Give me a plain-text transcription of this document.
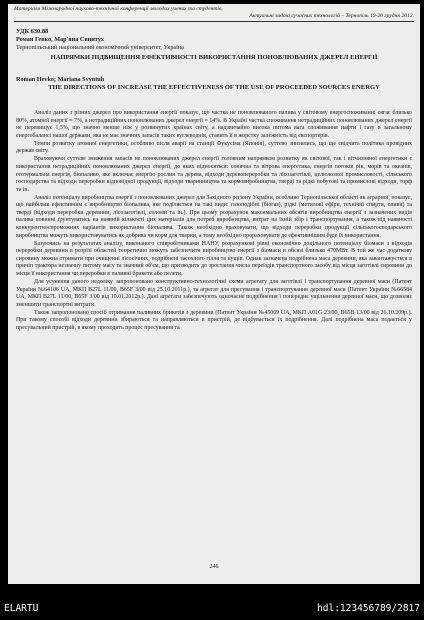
Матеріали Міжнародної науково-технічної конференції молодих учених та студентів.
Актуальні задачі сучасних технологій – Тернопіль 19-20 грудня 2012.
УДК 630.88
Роман Гевко, Мар'яна Свинтух
Тернопільський національний економічний університет, Україна
НАПРЯМКИ ПІДВИЩЕННЯ ЕФЕКТИВНОСТІ ВИКОРИСТАННЯ ПОНОВЛЮВАНИХ ДЖЕРЕЛ ЕНЕРГІЇ
Roman Hevko; Mariana Svyntuh
THE DIRECTIONS OF INCREASE THE EFFECTIVENESS OF THE USE OF PROCEEDED SOURCES ENERGY

Аналіз даних з різних джерел про використання енергії показує, що частка не поновлюваного палива у світовому енергоспоживанні сягає близько 80%, атомної енергії ≈ 7%, а нетрадиційних поновлюваних джерел енергії ≈ 14%. В Україні частка споживання нетрадиційних поновлюваних джерел енергії не перевищує 1,5%, що значно менше ніж у розвинутих країнах світу, а надзвичайно висока питома вага споживання нафти і газу в загальному енергобалансі нашої держави, яка не має значних запасів таких вуглеводнів, ставить її в жорстку залежність від експортерів.

Темпи розвитку атомної енергетики, особливо після аварії на станції Фукусіма (Японія), суттєво знизились, що ще свідчить політика провідних держав світу.

Враховуючи суттєве зниження запасів не поновлюваних джерел енергії головним напрямком розвитку як світової, так і вітчизняної енергетики є використання нетрадиційних поновлюваних джерел енергії, до яких відносяться: сонячна та вітрова енергетика, енергія потоків рік, морів та океанів, геотермальна енергія, біопаливо, яке включає енергію рослин та дерева, відходи деревопереробки та лісозаготівлі, целюлозної промисловості, сільського господарства та відходи переробки відповідної продукції, відходи тваринництва та кормовиробництва, тверді та рідкі побутові та промислові відходи, торф та ін.

Аналіз потенціалу виробництва енергії з поновлюваних джерел для Західного регіону України, особливо Тернопільської області як аграрної, показує, що найбільш ефективним є виробництво біопалива, яке поділяється на такі види: газоподібні (біогаз), рідкі (метилові ефіри, технічні спирти, оливи) та тверді (відходи переробки деревини, лісозаготівлі, соломи та ін.). При цьому розрахунок максимальних обсягів виробництва енергії з зазначених видів палива повинні ґрунтуватись на наявній кількості цих матеріалів для потреб виробництва, витрат на їхній збір і транспортування, а також від наявності конкурентноспроможних варіантів використання біопалива. Також необхідно враховувати, що відходи переробки продукції сільськогосподарського виробництва можуть використовуватись як добрива чи корм для тварин, а тому необхідно прораховувати де ефективнішим буде їх використання.

Базуючись на результатах аналізу, виконаного співробітниками НАНУ, розрахункові рівні економічно доцільного потенціалу біомаси з відходів переробки деревини в розрізі областей теоретично можуть забезпечити виробництво енергії з біомаси в обсязі близько 470МВт. В той же час додаткову сировину можна отримати при очищенні лісосічних, подрібнені засохлого гілля та кущів. Однак зазначена подрібнена маса деревини, яка завантажується в причіп трактора незначну питому масу та значний об'єм, що призводить до зростання числа переїздів транспортного засобу від місця заготівлі сировини до місця її використання чи переробки в паливні брикети або пелети.

Для усунення даного недоліку запропоновано конструктивно-технологічні схеми агрегату для заготівлі і транспортування деревної маси (Патент України №64106 UA, МКП B27L 11/00, B65F 3/00 від 25.10.2011р.), та агрегат для пресування і транспортування деревної маси (Патент України №66584 UA, МКП B27L 11/00, B65F 3/00 від 10.01.2012р.). Дані агрегати забезпечують одночасне подрібнення і попереднє ущільнення деревної маси, що дозволяє зменшити транспортні витрати.

Також запропоновано спосіб отримання паливних брикетів з деревини (Патент України №45069 UA, МКП A01G 23/00, B65B 13/00 від 26.10.209р.). При такому способі відходи деревини збираються та направляються в пристрій, де відбувається їх подрібнення. Далі подрібнена маса подається у пресувальний пристрій, в якому проходить процес пресування та

246
ELARTU	hdl:123456789/2817
